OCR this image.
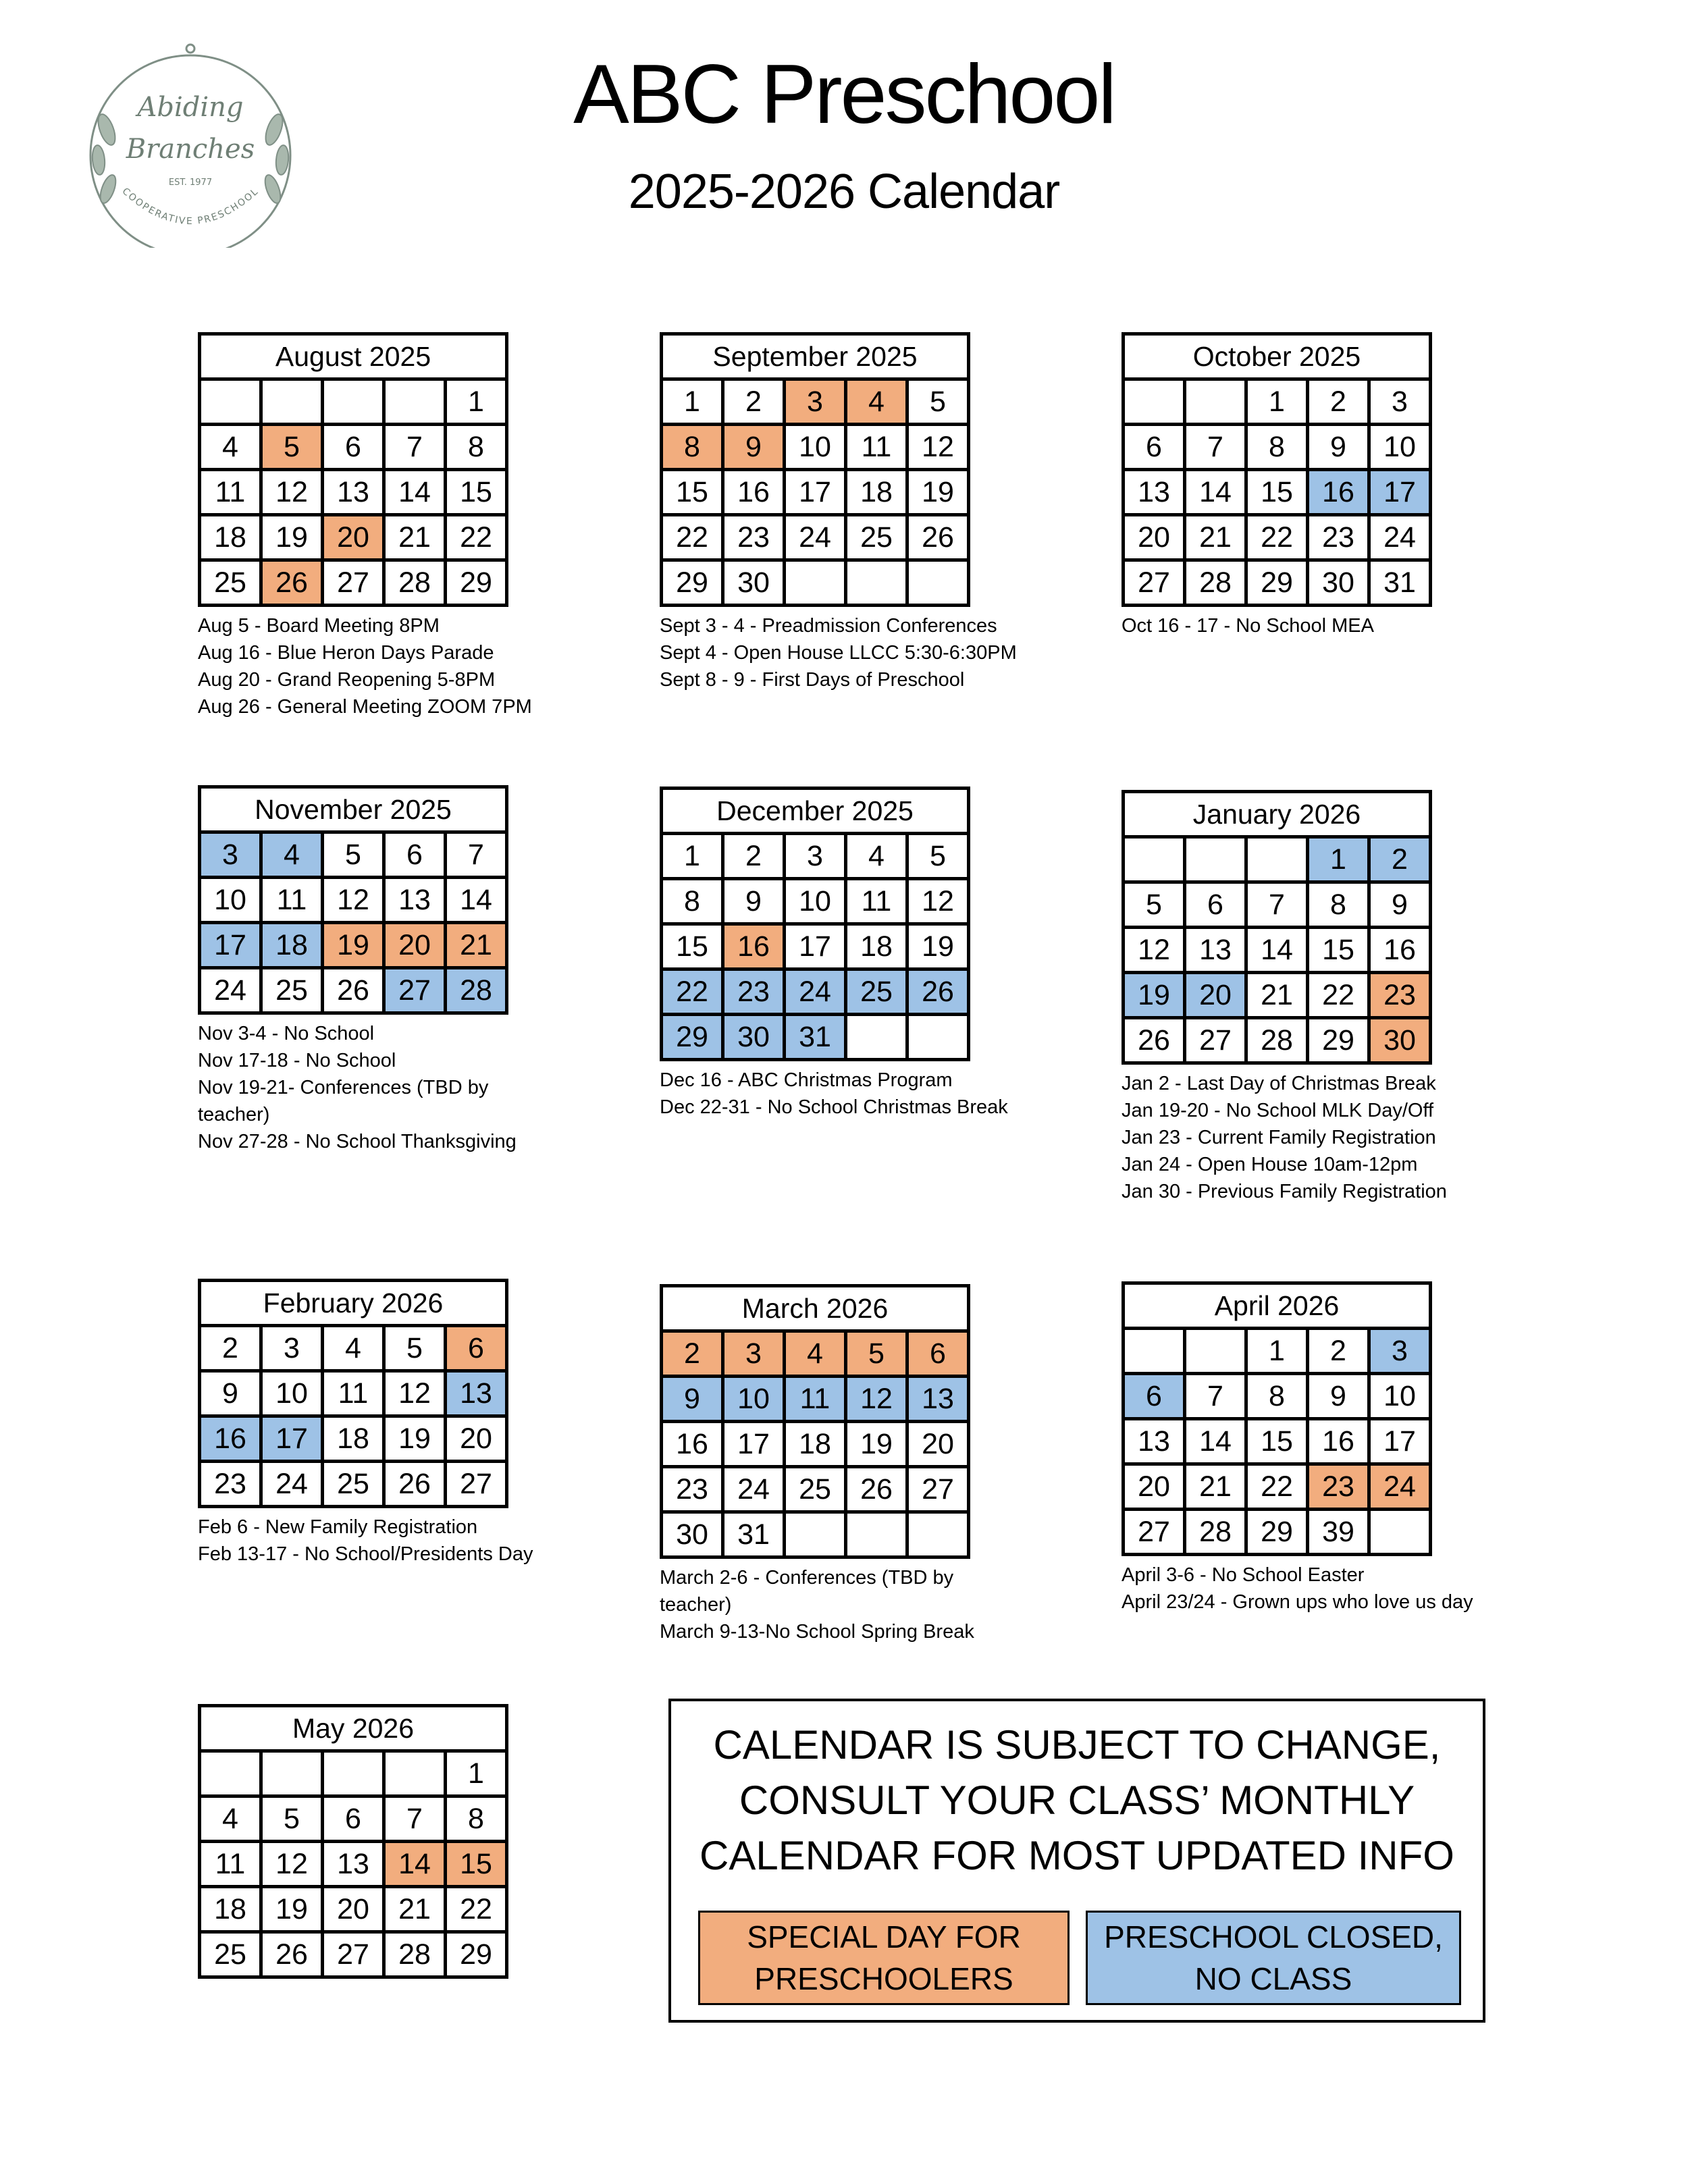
Abiding
Branches
EST. 1977
COOPERATIVE PRESCHOOL
ABC Preschool
2025-2026 Calendar
August 2025				
				1
4	5	6	7	8
11	12	13	14	15
18	19	20	21	22
25	26	27	28	29
Aug 5 - Board Meeting 8PM
Aug 16 - Blue Heron Days Parade
Aug 20 - Grand Reopening 5-8PM
Aug 26 - General Meeting ZOOM 7PM
September 2025				
1	2	3	4	5
8	9	10	11	12
15	16	17	18	19
22	23	24	25	26
29	30			
Sept 3 - 4 - Preadmission Conferences
Sept 4 - Open House LLCC 5:30-6:30PM
Sept 8 - 9 - First Days of Preschool
October 2025				
		1	2	3
6	7	8	9	10
13	14	15	16	17
20	21	22	23	24
27	28	29	30	31
Oct 16 - 17 - No School MEA
November 2025				
3	4	5	6	7
10	11	12	13	14
17	18	19	20	21
24	25	26	27	28
Nov 3-4 - No School
Nov 17-18 - No School
Nov 19-21- Conferences (TBD by teacher)
Nov 27-28 - No School Thanksgiving
December 2025				
1	2	3	4	5
8	9	10	11	12
15	16	17	18	19
22	23	24	25	26
29	30	31		
Dec 16 - ABC Christmas Program
Dec 22-31 - No School Christmas Break
January 2026				
			1	2
5	6	7	8	9
12	13	14	15	16
19	20	21	22	23
26	27	28	29	30
Jan 2 - Last Day of Christmas Break
Jan 19-20 - No School MLK Day/Off
Jan 23 - Current Family Registration
Jan 24 - Open House 10am-12pm
Jan 30 - Previous Family Registration
February 2026				
2	3	4	5	6
9	10	11	12	13
16	17	18	19	20
23	24	25	26	27
Feb 6 - New Family Registration
Feb 13-17 - No School/Presidents Day
March 2026				
2	3	4	5	6
9	10	11	12	13
16	17	18	19	20
23	24	25	26	27
30	31			
March 2-6 - Conferences (TBD by teacher)
March 9-13-No School Spring Break
April 2026				
		1	2	3
6	7	8	9	10
13	14	15	16	17
20	21	22	23	24
27	28	29	39	
April 3-6 - No School Easter
April 23/24 - Grown ups who love us day
May 2026				
				1
4	5	6	7	8
11	12	13	14	15
18	19	20	21	22
25	26	27	28	29
CALENDAR IS SUBJECT TO CHANGE,
CONSULT YOUR CLASS’ MONTHLY
CALENDAR FOR MOST UPDATED INFO
SPECIAL DAY FOR
PRESCHOOLERS
PRESCHOOL CLOSED,
NO CLASS
